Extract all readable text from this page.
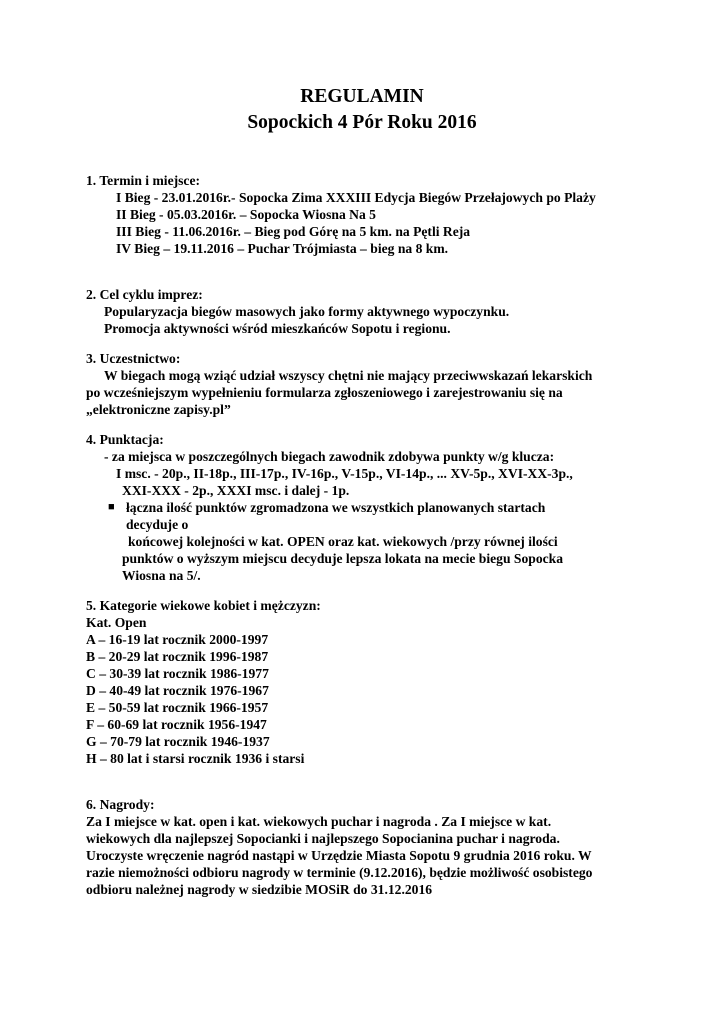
REGULAMIN
Sopockich 4 Pór Roku 2016
1. Termin i miejsce:
I Bieg - 23.01.2016r.- Sopocka Zima XXXIII Edycja Biegów Przełajowych po Plaży
II Bieg - 05.03.2016r. – Sopocka Wiosna Na 5
III Bieg - 11.06.2016r. – Bieg pod Górę na 5 km. na Pętli Reja
IV Bieg – 19.11.2016 – Puchar Trójmiasta – bieg na 8 km.
2. Cel cyklu imprez:
Popularyzacja biegów masowych jako formy aktywnego wypoczynku.
Promocja aktywności wśród mieszkańców Sopotu i regionu.
3. Uczestnictwo:
W biegach mogą wziąć udział wszyscy chętni nie mający przeciwwskazań lekarskich
po wcześniejszym wypełnieniu formularza zgłoszeniowego i zarejestrowaniu się na
„elektroniczne zapisy.pl”
4. Punktacja:
- za miejsca w poszczególnych biegach zawodnik zdobywa punkty w/g klucza:
I msc. - 20p., II-18p., III-17p., IV-16p., V-15p., VI-14p., ... XV-5p., XVI-XX-3p.,
XXI-XXX - 2p., XXXI msc. i dalej - 1p.
■ łączna ilość punktów zgromadzona we wszystkich planowanych startach
decyduje o
końcowej kolejności w kat. OPEN oraz kat. wiekowych /przy równej ilości
punktów o wyższym miejscu decyduje lepsza lokata na mecie biegu Sopocka
Wiosna na 5/.
5. Kategorie wiekowe kobiet i mężczyzn:
Kat. Open
A – 16-19 lat rocznik 2000-1997
B – 20-29 lat rocznik 1996-1987
C – 30-39 lat rocznik 1986-1977
D – 40-49 lat rocznik 1976-1967
E – 50-59 lat rocznik 1966-1957
F – 60-69 lat rocznik 1956-1947
G – 70-79 lat rocznik 1946-1937
H – 80 lat i starsi rocznik 1936 i starsi
6. Nagrody:
Za I miejsce w kat. open i kat. wiekowych puchar i nagroda . Za I miejsce w kat.
wiekowych dla najlepszej Sopocianki i najlepszego Sopocianina puchar i nagroda.
Uroczyste wręczenie nagród nastąpi w Urzędzie Miasta Sopotu 9 grudnia 2016 roku. W
razie niemożności odbioru nagrody w terminie (9.12.2016), będzie możliwość osobistego
odbioru należnej nagrody w siedzibie MOSiR do 31.12.2016
